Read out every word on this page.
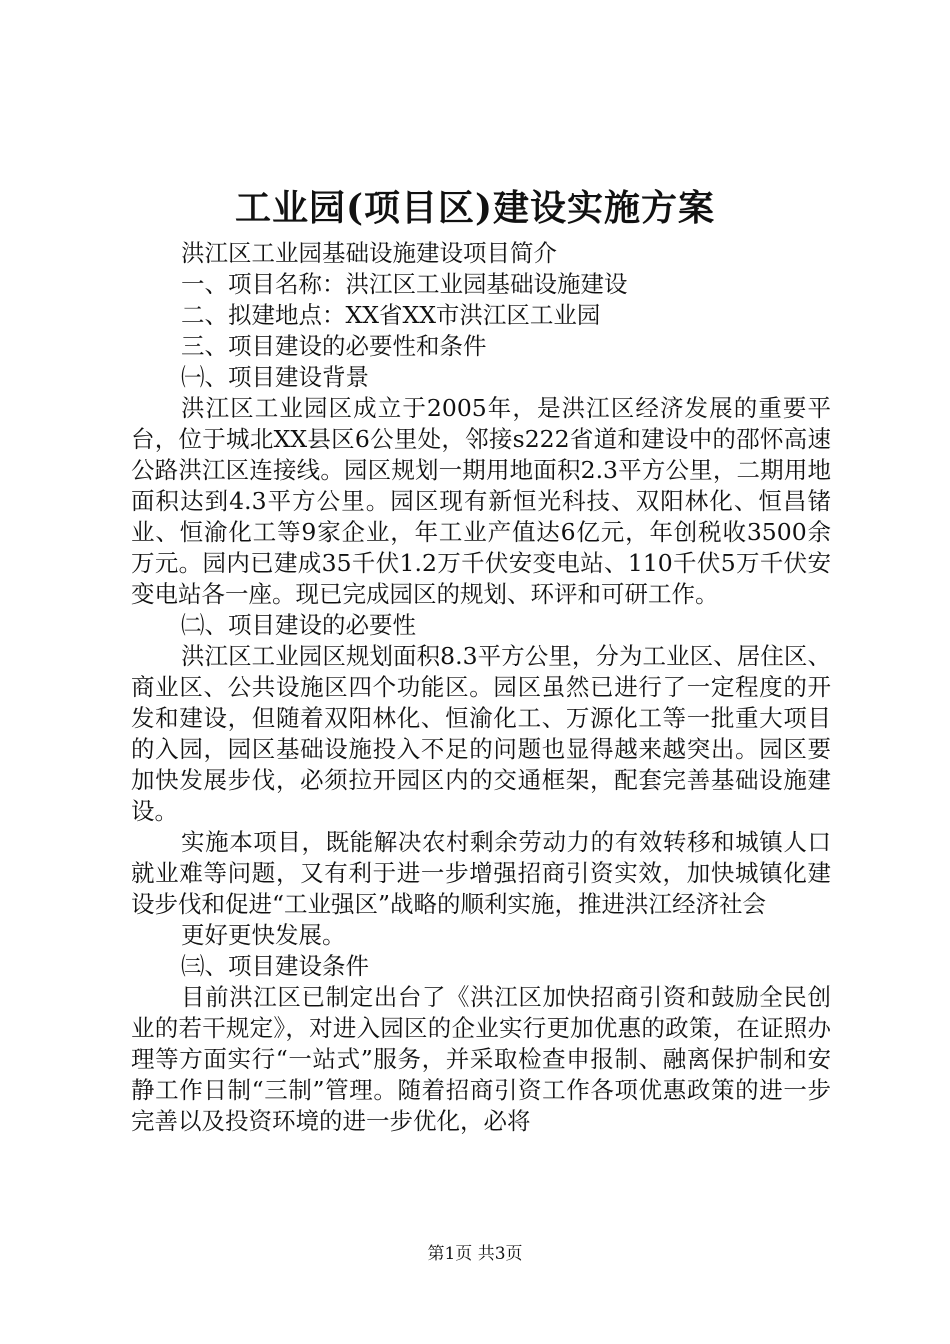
工业园(项目区)建设实施方案

洪江区工业园基础设施建设项目简介

一、项目名称：洪江区工业园基础设施建设

二、拟建地点：XX省XX市洪江区工业园

三、项目建设的必要性和条件

㈠、项目建设背景

洪江区工业园区成立于2005年，是洪江区经济发展的重要平台，位于城北XX县区6公里处，邻接s222省道和建设中的邵怀高速公路洪江区连接线。园区规划一期用地面积2.3平方公里，二期用地面积达到4.3平方公里。园区现有新恒光科技、双阳林化、恒昌锗业、恒渝化工等9家企业，年工业产值达6亿元，年创税收3500余万元。园内已建成35千伏1.2万千伏安变电站、110千伏5万千伏安变电站各一座。现已完成园区的规划、环评和可研工作。

㈡、项目建设的必要性

洪江区工业园区规划面积8.3平方公里，分为工业区、居住区、商业区、公共设施区四个功能区。园区虽然已进行了一定程度的开发和建设，但随着双阳林化、恒渝化工、万源化工等一批重大项目的入园，园区基础设施投入不足的问题也显得越来越突出。园区要加快发展步伐，必须拉开园区内的交通框架，配套完善基础设施建设。

实施本项目，既能解决农村剩余劳动力的有效转移和城镇人口就业难等问题，又有利于进一步增强招商引资实效，加快城镇化建设步伐和促进“工业强区”战略的顺利实施，推进洪江经济社会

更好更快发展。

㈢、项目建设条件

目前洪江区已制定出台了《洪江区加快招商引资和鼓励全民创业的若干规定》，对进入园区的企业实行更加优惠的政策，在证照办理等方面实行“一站式”服务，并采取检查申报制、融离保护制和安静工作日制“三制”管理。随着招商引资工作各项优惠政策的进一步完善以及投资环境的进一步优化，必将

第1页 共3页
